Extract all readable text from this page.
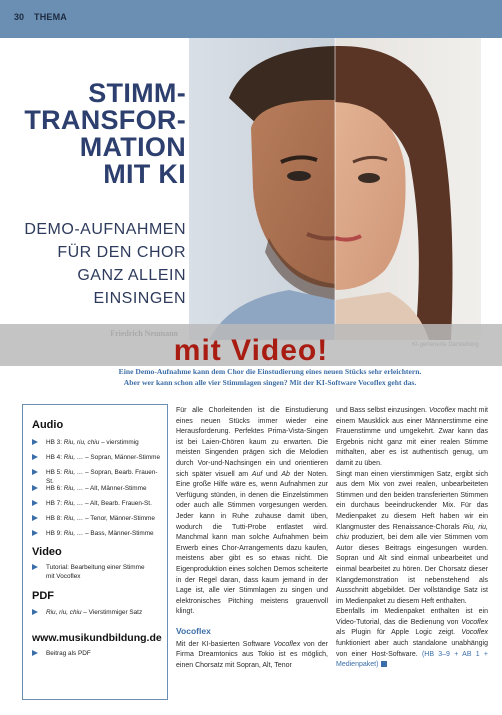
30 THEMA
STIMM-
TRANSFOR-
MATION
MIT KI
DEMO-AUFNAHMEN
FÜR DEN CHOR
GANZ ALLEIN
EINSINGEN
mit Video!
Eine Demo-Aufnahme kann dem Chor die Einstudierung eines neuen Stücks sehr erleichtern.
Aber wer kann schon alle vier Stimmlagen singen? Mit der KI-Software Vocoflex geht das.
Audio
HB 3: Riu, riu, chiu – vierstimmig
HB 4: Riu, … – Sopran, Männer-Stimme
HB 5: Riu, … – Sopran, Bearb. Frauen-St.
HB 6: Riu, … – Alt, Männer-Stimme
HB 7: Riu, … – Alt, Bearb. Frauen-St.
HB 8: Riu, … – Tenor, Männer-Stimme
HB 9: Riu, … – Bass, Männer-Stimme
Video
Tutorial: Bearbeitung einer Stimme
mit Vocoflex
PDF
Riu, riu, chiu – Vierstimmiger Satz
www.musikundbildung.de
Beitrag als PDF

Für alle Chorleitenden ist die Einstudierung eines neuen Stücks immer wieder eine Herausforderung. Perfektes Prima-Vista-Singen ist bei Laien-Chören kaum zu erwarten. Die meisten Singenden prägen sich die Melodien durch Vor-und-Nachsingen ein und orientieren sich später visuell am Auf und Ab der Noten. Eine große Hilfe wäre es, wenn Aufnahmen zur Verfügung stünden, in denen die Einzelstimmen oder auch alle Stimmen vorgesungen werden. Jeder kann in Ruhe zuhause damit üben, wodurch die Tutti-Probe entlastet wird. Manchmal kann man solche Aufnahmen beim Erwerb eines Chor-Arrangements dazu kaufen, meistens aber gibt es so etwas nicht. Die Eigenproduktion eines solchen Demos scheiterte in der Regel daran, dass kaum jemand in der Lage ist, alle vier Stimmlagen zu singen und elektronisches Pitching meistens grauenvoll klingt.

Vocoflex

Mit der KI-basierten Software Vocoflex von der Firma Dreamtonics aus Tokio ist es möglich, einen Chorsatz mit Sopran, Alt, Tenor

und Bass selbst einzusingen. Vocoflex macht mit einem Mausklick aus einer Männerstimme eine Frauenstimme und umgekehrt. Zwar kann das Ergebnis nicht ganz mit einer realen Stimme mithalten, aber es ist authentisch genug, um damit zu üben.

Singt man einen vierstimmigen Satz, ergibt sich aus dem Mix von zwei realen, unbearbeiteten Stimmen und den beiden transferierten Stimmen ein durchaus beeindruckender Mix. Für das Medienpaket zu diesem Heft haben wir ein Klangmuster des Renaissance-Chorals Riu, riu, chiu produziert, bei dem alle vier Stimmen vom Autor dieses Beitrags eingesungen wurden. Sopran und Alt sind einmal unbearbeitet und einmal bearbeitet zu hören. Der Chorsatz dieser Klangdemonstration ist nebenstehend als Ausschnitt abgebildet. Der vollständige Satz ist im Medienpaket zu diesem Heft enthalten.

Ebenfalls im Medienpaket enthalten ist ein Video-Tutorial, das die Bedienung von Vocoflex als Plugin für Apple Logic zeigt. Vocoflex funktioniert aber auch standalone unabhängig von einer Host-Software. (HB 3–9 + AB 1 + Medienpaket)
